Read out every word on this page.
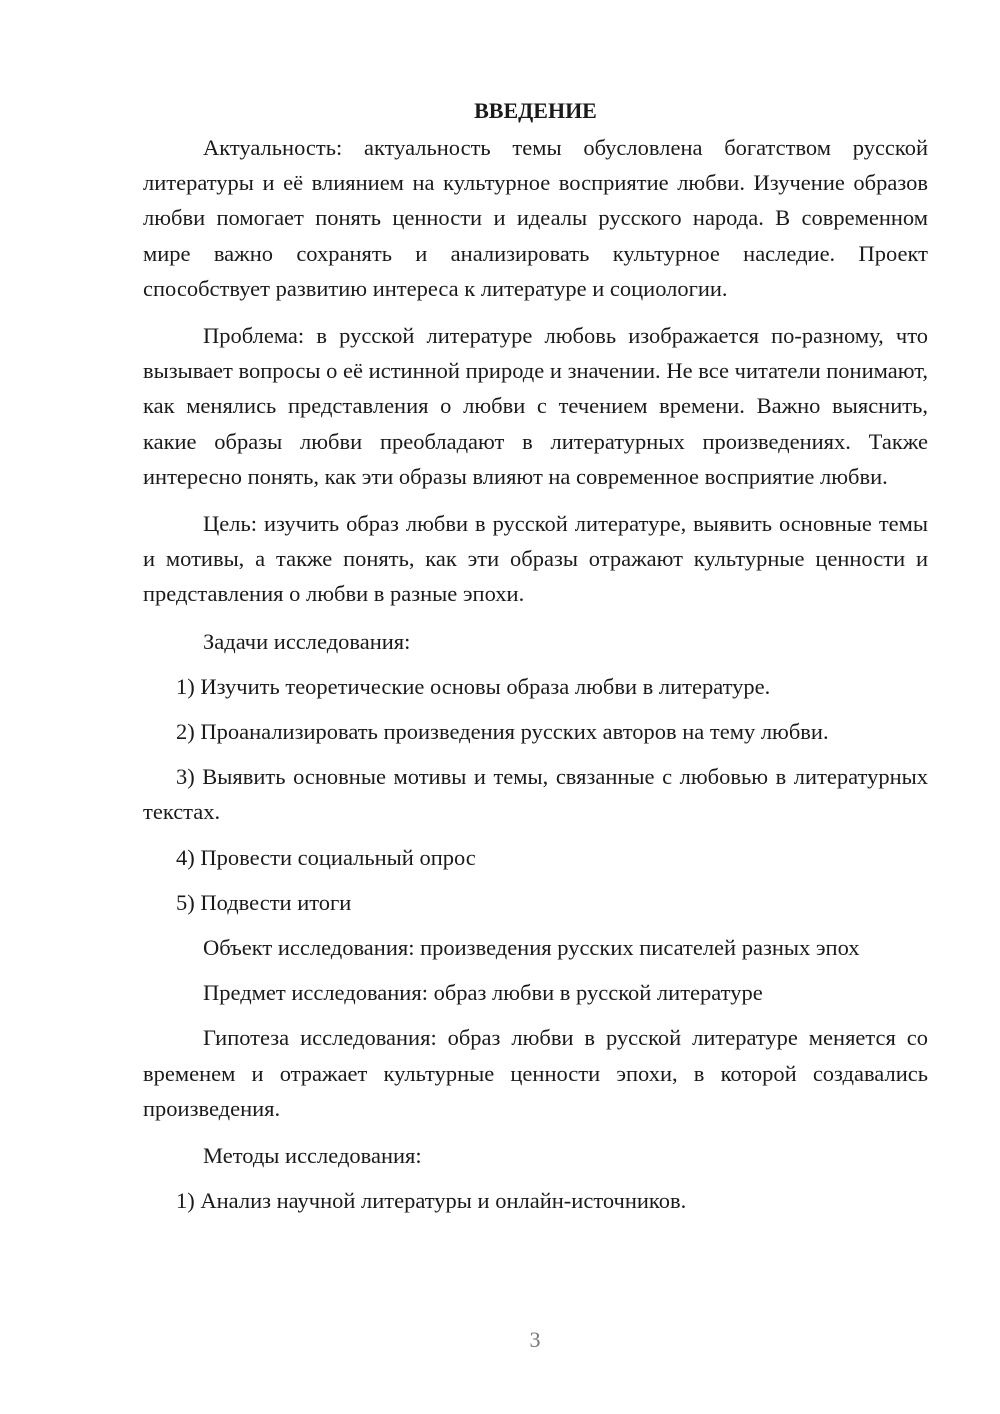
ВВЕДЕНИЕ

Актуальность: актуальность темы обусловлена богатством русской литературы и её влиянием на культурное восприятие любви. Изучение образов любви помогает понять ценности и идеалы русского народа. В современном мире важно сохранять и анализировать культурное наследие. Проект способствует развитию интереса к литературе и социологии.

Проблема: в русской литературе любовь изображается по-разному, что вызывает вопросы о её истинной природе и значении. Не все читатели понимают, как менялись представления о любви с течением времени. Важно выяснить, какие образы любви преобладают в литературных произведениях. Также интересно понять, как эти образы влияют на современное восприятие любви.

Цель: изучить образ любви в русской литературе, выявить основные темы и мотивы, а также понять, как эти образы отражают культурные ценности и представления о любви в разные эпохи.

Задачи исследования:
1) Изучить теоретические основы образа любви в литературе.
2) Проанализировать произведения русских авторов на тему любви.
3) Выявить основные мотивы и темы, связанные с любовью в литературных текстах.
4) Провести социальный опрос
5) Подвести итоги
Объект исследования: произведения русских писателей разных эпох
Предмет исследования: образ любви в русской литературе

Гипотеза исследования: образ любви в русской литературе меняется со временем и отражает культурные ценности эпохи, в которой создавались произведения.

Методы исследования:
1) Анализ научной литературы и онлайн-источников.
3
